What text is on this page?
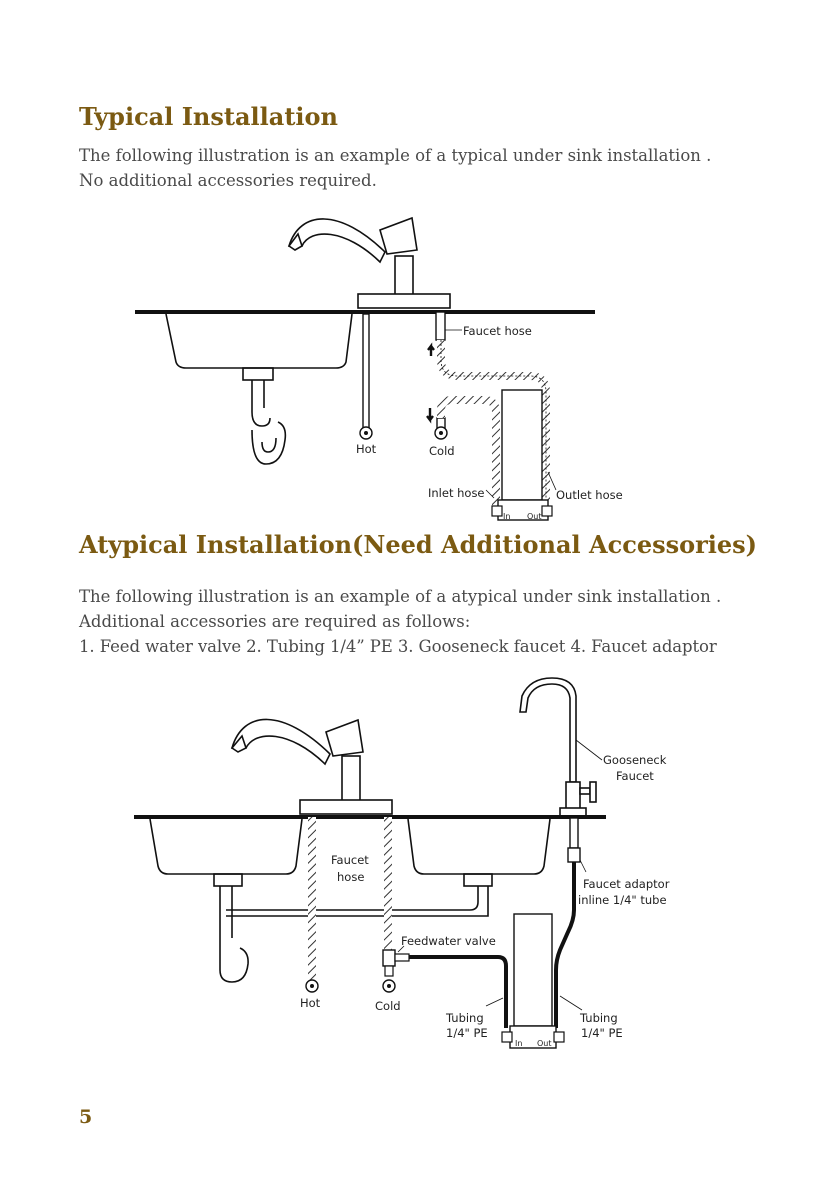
Typical Installation
The following illustration is an example of a typical under sink installation .
No additional accessories required.
Hot
Faucet hose
Cold
In Out
Inlet hose	Outlet hose
Atypical Installation(Need Additional Accessories)
The following illustration is an example of a atypical under sink installation .
Additional accessories are required as follows:
1. Feed water valve 2. Tubing 1/4” PE 3. Gooseneck faucet 4. Faucet adaptor
Gooseneck
Faucet
Faucet
hose
Hot
Feedwater valve
Cold
Faucet adaptor
inline 1/4" tube
In Out
Tubing
1/4" PE
Tubing
1/4" PE
5
